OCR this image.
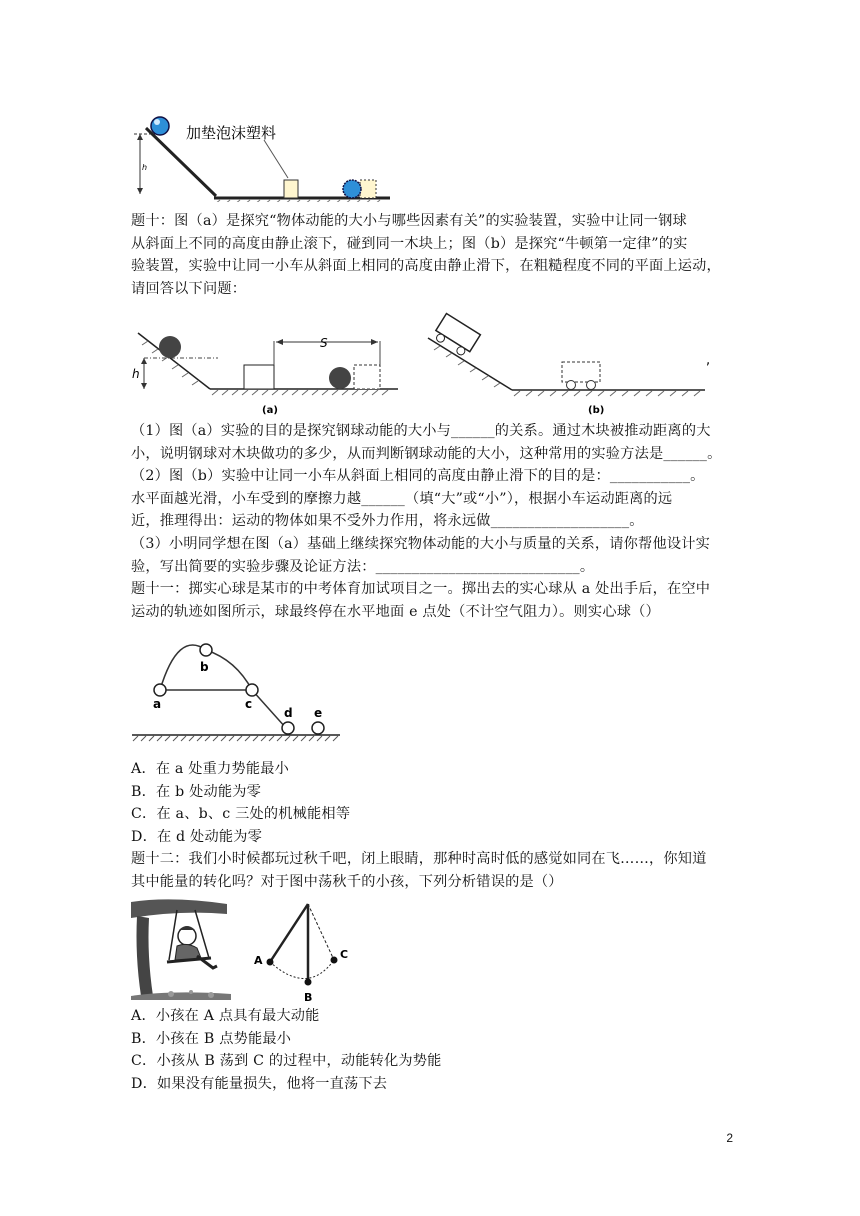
h
加垫泡沫塑料
题十：图（a）是探究“物体动能的大小与哪些因素有关”的实验装置，实验中让同一钢球
从斜面上不同的高度由静止滚下，碰到同一木块上；图（b）是探究“牛顿第一定律”的实
验装置，实验中让同一小车从斜面上相同的高度由静止滑下，在粗糙程度不同的平面上运动，
请回答以下问题：
h
S
(a)	(b)
,
（1）图（a）实验的目的是探究钢球动能的大小与______的关系。通过木块被推动距离的大
小，说明钢球对木块做功的多少，从而判断钢球动能的大小，这种常用的实验方法是______。
（2）图（b）实验中让同一小车从斜面上相同的高度由静止滑下的目的是：___________。
水平面越光滑，小车受到的摩擦力越______（填“大”或“小”），根据小车运动距离的远
近，推理得出：运动的物体如果不受外力作用，将永远做___________________。
（3）小明同学想在图（a）基础上继续探究物体动能的大小与质量的关系，请你帮他设计实
验，写出简要的实验步骤及论证方法：____________________________。
题十一：掷实心球是某市的中考体育加试项目之一。掷出去的实心球从 a 处出手后，在空中
运动的轨迹如图所示，球最终停在水平地面 e 点处（不计空气阻力）。则实心球（）
a
b
c
d e
A．在 a 处重力势能最小
B．在 b 处动能为零
C．在 a、b、c 三处的机械能相等
D．在 d 处动能为零
题十二：我们小时候都玩过秋千吧，闭上眼睛，那种时高时低的感觉如同在飞……，你知道
其中能量的转化吗？对于图中荡秋千的小孩，下列分析错误的是（）
A
B
C
A．小孩在 A 点具有最大动能
B．小孩在 B 点势能最小
C．小孩从 B 荡到 C 的过程中，动能转化为势能
D．如果没有能量损失，他将一直荡下去
2
